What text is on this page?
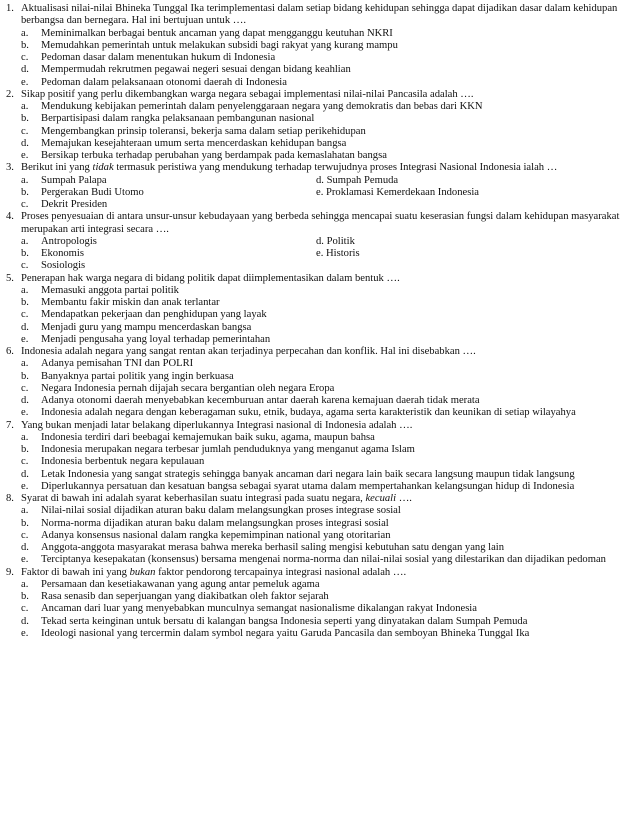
1. Aktualisasi nilai-nilai Bhineka Tunggal Ika terimplementasi dalam setiap bidang kehidupan sehingga dapat dijadikan dasar dalam kehidupan berbangsa dan bernegara. Hal ini bertujuan untuk ….
a. Meminimalkan berbagai bentuk ancaman yang dapat mengganggu keutuhan NKRI
b. Memudahkan pemerintah untuk melakukan subsidi bagi rakyat yang kurang mampu
c. Pedoman dasar dalam menentukan hukum di Indonesia
d. Mempermudah rekrutmen pegawai negeri sesuai dengan bidang keahlian
e. Pedoman dalam pelaksanaan otonomi daerah di Indonesia
2. Sikap positif yang perlu dikembangkan warga negara sebagai implementasi nilai-nilai Pancasila adalah ….
a. Mendukung kebijakan pemerintah dalam penyelenggaraan negara yang demokratis dan bebas dari KKN
b. Berpartisipasi dalam rangka pelaksanaan pembangunan nasional
c. Mengembangkan prinsip toleransi, bekerja sama dalam setiap perikehidupan
d. Memajukan kesejahteraan umum serta mencerdaskan kehidupan bangsa
e. Bersikap terbuka terhadap perubahan yang berdampak pada kemaslahatan bangsa
3. Berikut ini yang tidak termasuk peristiwa yang mendukung terhadap terwujudnya proses Integrasi Nasional Indonesia ialah …
a. Sumpah Palapa	d. Sumpah Pemuda
b. Pergerakan Budi Utomo	e. Proklamasi Kemerdekaan Indonesia
c. Dekrit Presiden
4. Proses penyesuaian di antara unsur-unsur kebudayaan yang berbeda sehingga mencapai suatu keserasian fungsi dalam kehidupan masyarakat merupakan arti integrasi secara ….
a. Antropologis	d. Politik
b. Ekonomis	e. Historis
c. Sosiologis
5. Penerapan hak warga negara di bidang politik dapat diimplementasikan dalam bentuk ….
a. Memasuki anggota partai politik
b. Membantu fakir miskin dan anak terlantar
c. Mendapatkan pekerjaan dan penghidupan yang layak
d. Menjadi guru yang mampu mencerdaskan bangsa
e. Menjadi pengusaha yang loyal terhadap pemerintahan
6. Indonesia adalah negara yang sangat rentan akan terjadinya perpecahan dan konflik. Hal ini disebabkan ….
a. Adanya pemisahan TNI dan POLRI
b. Banyaknya partai politik yang ingin berkuasa
c. Negara Indonesia pernah dijajah secara bergantian oleh negara Eropa
d. Adanya otonomi daerah menyebabkan kecemburuan antar daerah karena kemajuan daerah tidak merata
e. Indonesia adalah negara dengan keberagaman suku, etnik, budaya, agama serta karakteristik dan keunikan di setiap wilayahya
7. Yang bukan menjadi latar belakang diperlukannya Integrasi nasional di Indonesia adalah ….
a. Indonesia terdiri dari beebagai kemajemukan baik suku, agama, maupun bahsa
b. Indonesia merupakan negara terbesar jumlah penduduknya yang menganut agama Islam
c. Indonesia berbentuk negara kepulauan
d. Letak Indonesia yang sangat strategis sehingga banyak ancaman dari negara lain baik secara langsung maupun tidak langsung
e. Diperlukannya persatuan dan kesatuan bangsa sebagai syarat utama dalam mempertahankan kelangsungan hidup di Indonesia
8. Syarat di bawah ini adalah syarat keberhasilan suatu integrasi pada suatu negara, kecuali ….
a. Nilai-nilai sosial dijadikan aturan baku dalam melangsungkan proses integrase sosial
b. Norma-norma dijadikan aturan baku dalam melangsungkan proses integrasi sosial
c. Adanya konsensus nasional dalam rangka kepemimpinan national yang otoritarian
d. Anggota-anggota masyarakat merasa bahwa mereka berhasil saling mengisi kebutuhan satu dengan yang lain
e. Terciptanya kesepakatan (konsensus) bersama mengenai norma-norma dan nilai-nilai sosial yang dilestarikan dan dijadikan pedoman
9. Faktor di bawah ini yang bukan faktor pendorong tercapainya integrasi nasional adalah ….
a. Persamaan dan kesetiakawanan yang agung antar pemeluk agama
b. Rasa senasib dan seperjuangan yang diakibatkan oleh faktor sejarah
c. Ancaman dari luar yang menyebabkan munculnya semangat nasionalisme dikalangan rakyat Indonesia
d. Tekad serta keinginan untuk bersatu di kalangan bangsa Indonesia seperti yang dinyatakan dalam Sumpah Pemuda
e. Ideologi nasional yang tercermin dalam symbol negara yaitu Garuda Pancasila dan semboyan Bhineka Tunggal Ika
